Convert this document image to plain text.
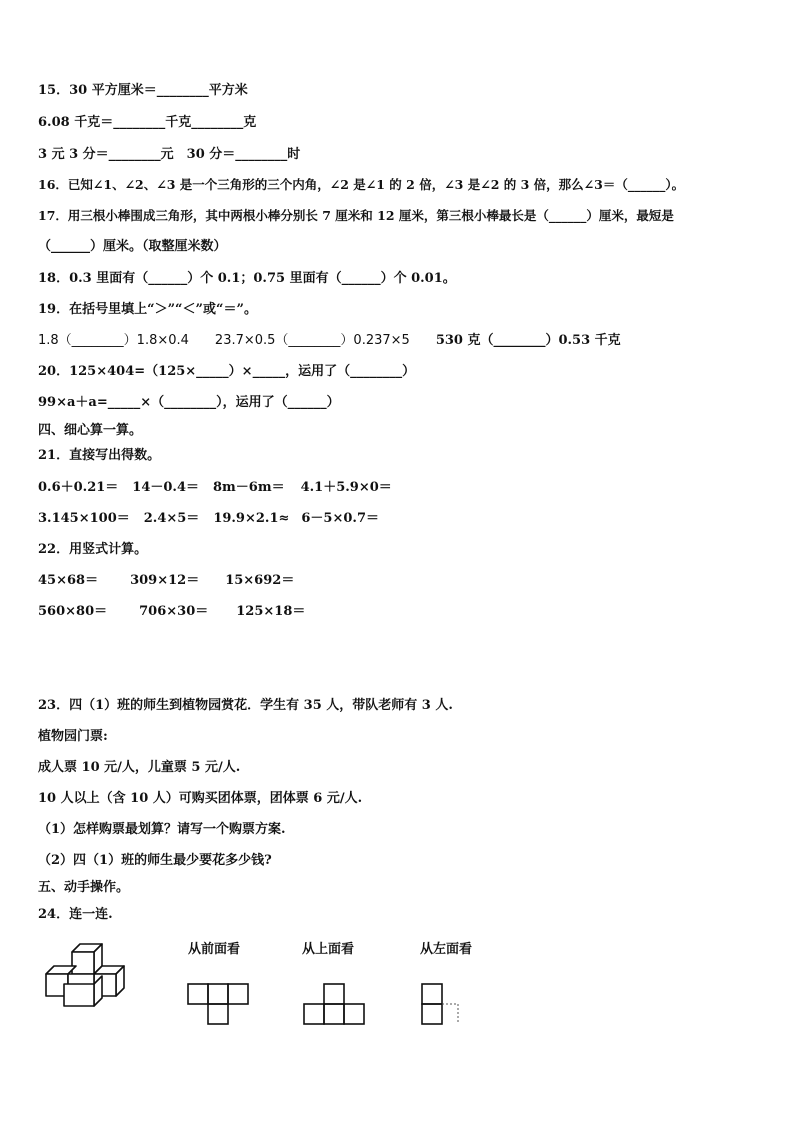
15．30 平方厘米＝________平方米
6.08 千克＝________千克________克
3 元 3 分＝________元　30 分＝________时
16．已知∠1、∠2、∠3 是一个三角形的三个内角，∠2 是∠1 的 2 倍，∠3 是∠2 的 3 倍，那么∠3＝（______）。
17．用三根小棒围成三角形，其中两根小棒分别长 7 厘米和 12 厘米，第三根小棒最长是（______）厘米，最短是
（______）厘米。（取整厘米数）
18．0.3 里面有（______）个 0.1；0.75 里面有（______）个 0.01。
19．在括号里填上“＞”“＜”或“＝”。
1.8（________）1.8×0.4 23.7×0.5（________）0.237×5 530 克（________）0.53 千克
20．125×404=（125×_____）×_____，运用了（________）
99×a＋a=_____×（________），运用了（______）
四、细心算一算。
21．直接写出得数。
0.6＋0.21＝ 14－0.4＝ 8m－6m＝ 4.1＋5.9×0＝
3.145×100＝ 2.4×5＝ 19.9×2.1≈ 6－5×0.7＝
22．用竖式计算。
45×68＝ 309×12＝ 15×692＝
560×80＝ 706×30＝ 125×18＝
23．四（1）班的师生到植物园赏花．学生有 35 人，带队老师有 3 人.
植物园门票:
成人票 10 元/人，儿童票 5 元/人.
10 人以上（含 10 人）可购买团体票，团体票 6 元/人.
（1）怎样购票最划算？请写一个购票方案.
（2）四（1）班的师生最少要花多少钱?
五、动手操作。
24．连一连.
从前面看	从上面看	从左面看
